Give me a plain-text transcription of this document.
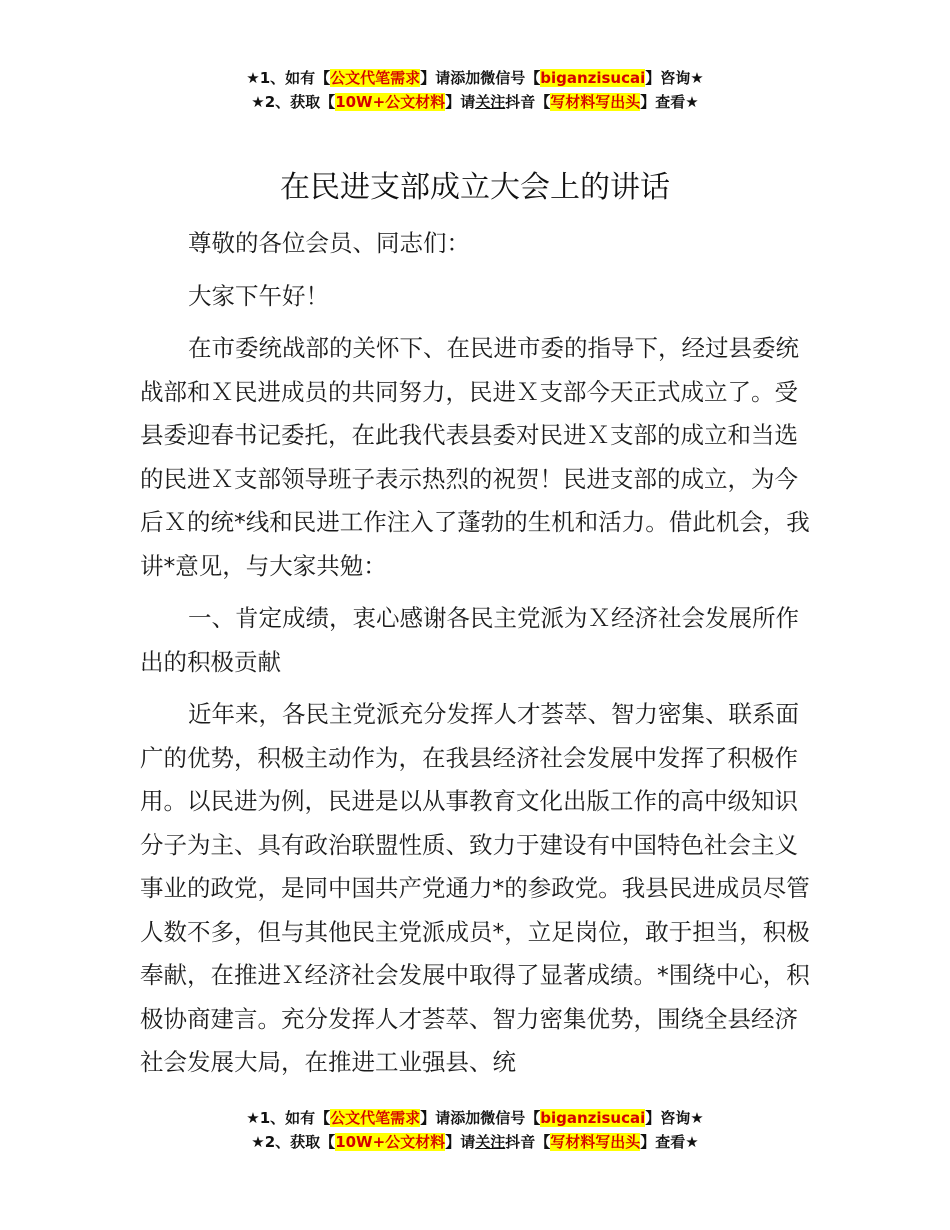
★1、如有【公文代笔需求】请添加微信号【biganzisucai】咨询★
★2、获取【10W+公文材料】请关注抖音【写材料写出头】查看★
在民进支部成立大会上的讲话

尊敬的各位会员、同志们：

大家下午好！

在市委统战部的关怀下、在民进市委的指导下，经过县委统战部和Ｘ民进成员的共同努力，民进Ｘ支部今天正式成立了。受县委迎春书记委托，在此我代表县委对民进Ｘ支部的成立和当选的民进Ｘ支部领导班子表示热烈的祝贺！民进支部的成立，为今后Ｘ的统*线和民进工作注入了蓬勃的生机和活力。借此机会，我讲*意见，与大家共勉：

一、肯定成绩，衷心感谢各民主党派为Ｘ经济社会发展所作出的积极贡献

近年来，各民主党派充分发挥人才荟萃、智力密集、联系面广的优势，积极主动作为，在我县经济社会发展中发挥了积极作用。以民进为例，民进是以从事教育文化出版工作的高中级知识分子为主、具有政治联盟性质、致力于建设有中国特色社会主义事业的政党，是同中国共产党通力*的参政党。我县民进成员尽管人数不多，但与其他民主党派成员*，立足岗位，敢于担当，积极奉献，在推进Ｘ经济社会发展中取得了显著成绩。*围绕中心，积极协商建言。充分发挥人才荟萃、智力密集优势，围绕全县经济社会发展大局，在推进工业强县、统

★1、如有【公文代笔需求】请添加微信号【biganzisucai】咨询★
★2、获取【10W+公文材料】请关注抖音【写材料写出头】查看★
